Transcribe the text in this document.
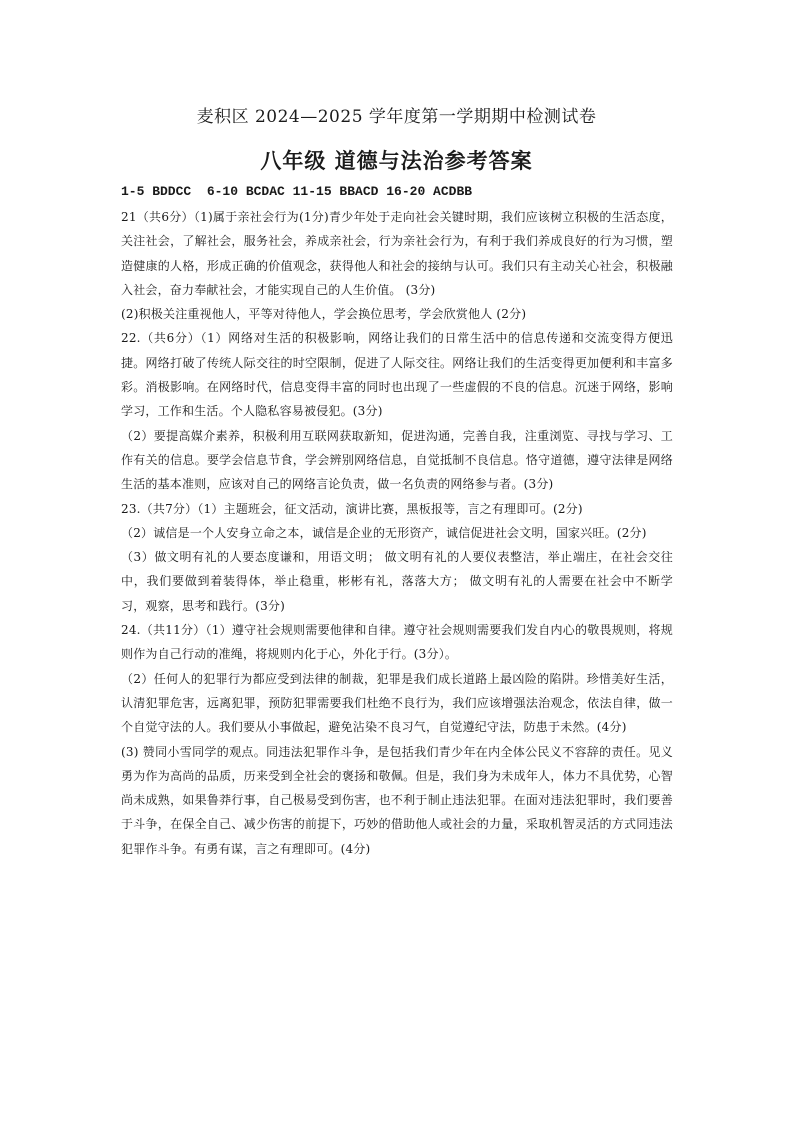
麦积区 2024—2025 学年度第一学期期中检测试卷
八年级 道德与法治参考答案
1-5 BDDCC  6-10 BCDAC 11-15 BBACD 16-20 ACDBB

21（共6分）（1)属于亲社会行为(1分)青少年处于走向社会关键时期，我们应该树立积极的生活态度，关注社会，了解社会，服务社会，养成亲社会，行为亲社会行为，有利于我们养成良好的行为习惯，塑造健康的人格，形成正确的价值观念，获得他人和社会的接纳与认可。我们只有主动关心社会，积极融入社会，奋力奉献社会，才能实现自己的人生价值。 (3分)

(2)积极关注重视他人，平等对待他人，学会换位思考，学会欣赏他人 (2分)

22.（共6分）（1）网络对生活的积极影响，网络让我们的日常生活中的信息传递和交流变得方便迅捷。网络打破了传统人际交往的时空限制，促进了人际交往。网络让我们的生活变得更加便利和丰富多彩。消极影响。在网络时代，信息变得丰富的同时也出现了一些虚假的不良的信息。沉迷于网络，影响学习，工作和生活。个人隐私容易被侵犯。(3分)

（2）要提高媒介素养，积极利用互联网获取新知，促进沟通，完善自我，注重浏览、寻找与学习、工作有关的信息。要学会信息节食，学会辨别网络信息，自觉抵制不良信息。恪守道德，遵守法律是网络生活的基本准则，应该对自己的网络言论负责，做一名负责的网络参与者。(3分)

23.（共7分）（1）主题班会，征文活动，演讲比赛，黑板报等，言之有理即可。(2分)

（2）诚信是一个人安身立命之本，诚信是企业的无形资产，诚信促进社会文明，国家兴旺。(2分)

（3）做文明有礼的人要态度谦和，用语文明； 做文明有礼的人要仪表整洁，举止端庄，在社会交往中，我们要做到着装得体，举止稳重，彬彬有礼，落落大方； 做文明有礼的人需要在社会中不断学习，观察，思考和践行。(3分)

24.（共11分）（1）遵守社会规则需要他律和自律。遵守社会规则需要我们发自内心的敬畏规则，将规则作为自己行动的准绳，将规则内化于心，外化于行。(3分）。

（2）任何人的犯罪行为都应受到法律的制裁，犯罪是我们成长道路上最凶险的陷阱。珍惜美好生活，认清犯罪危害，远离犯罪，预防犯罪需要我们杜绝不良行为，我们应该增强法治观念，依法自律，做一个自觉守法的人。我们要从小事做起，避免沾染不良习气，自觉遵纪守法，防患于未然。(4分)

(3) 赞同小雪同学的观点。同违法犯罪作斗争，是包括我们青少年在内全体公民义不容辞的责任。见义勇为作为高尚的品质，历来受到全社会的褒扬和敬佩。但是，我们身为未成年人，体力不具优势，心智尚未成熟，如果鲁莽行事，自己极易受到伤害，也不利于制止违法犯罪。在面对违法犯罪时，我们要善于斗争，在保全自己、减少伤害的前提下，巧妙的借助他人或社会的力量，采取机智灵活的方式同违法犯罪作斗争。有勇有谋，言之有理即可。(4分)
